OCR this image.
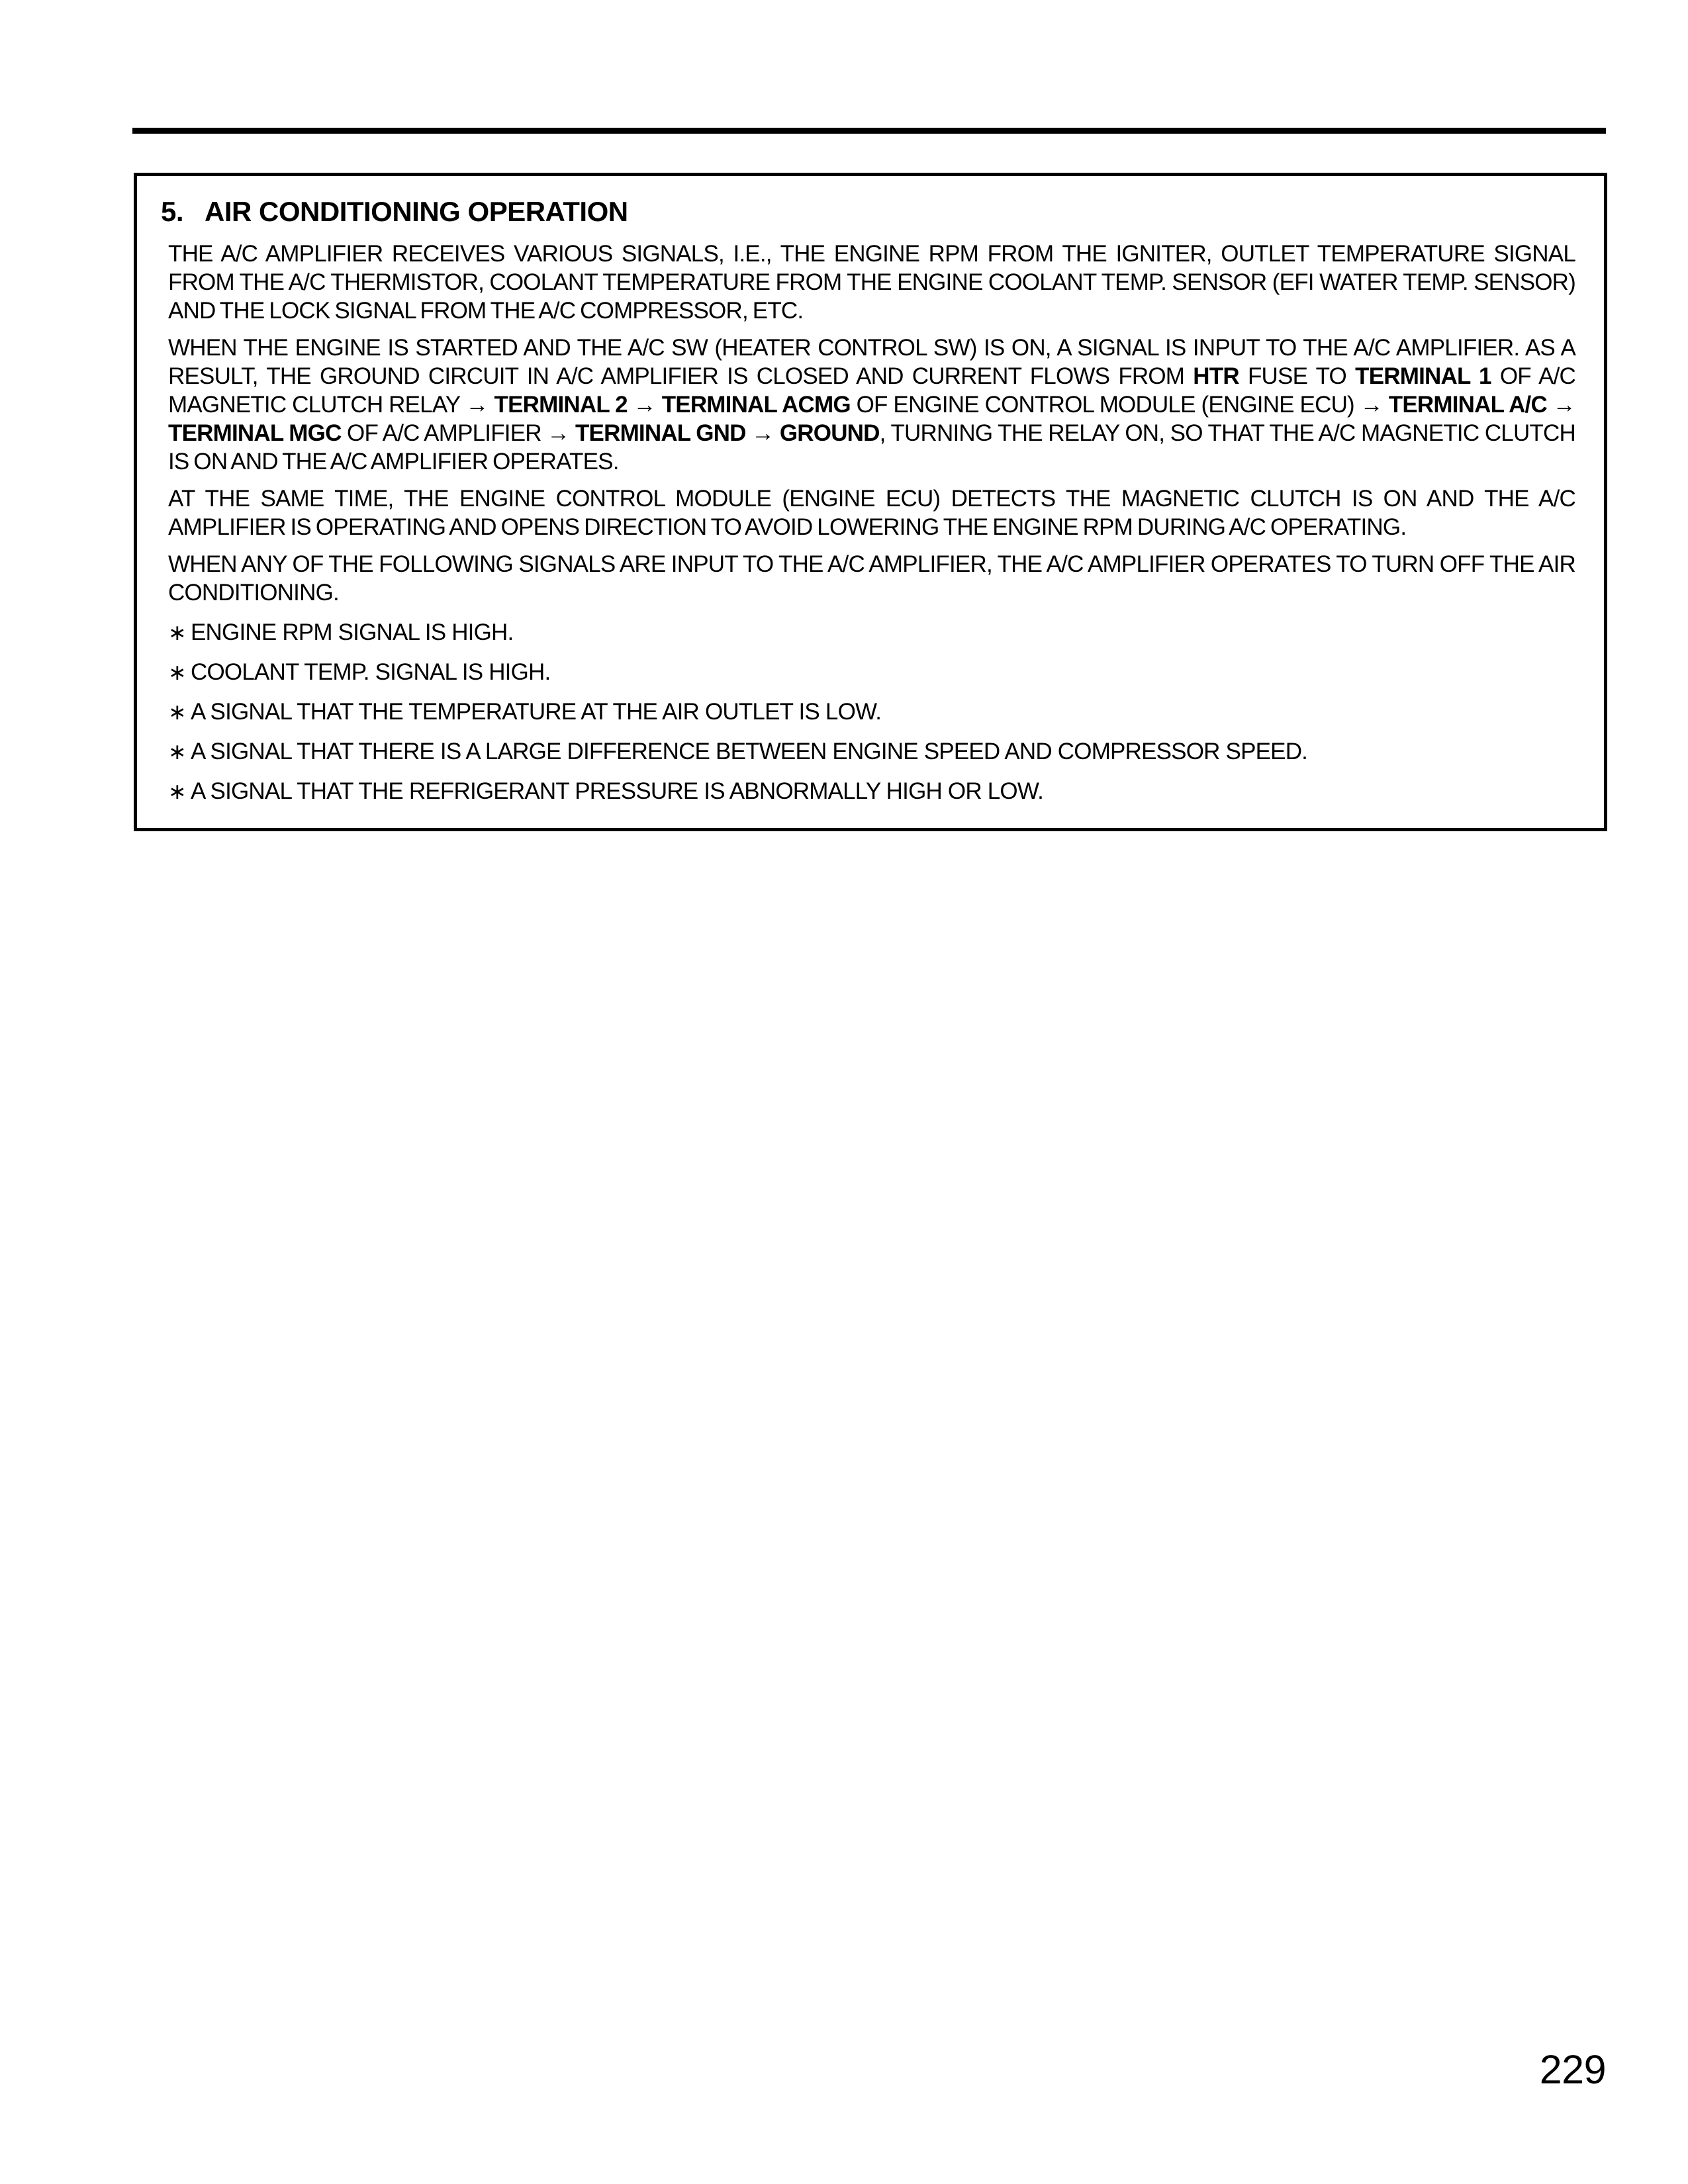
5. AIR CONDITIONING OPERATION
THE A/C AMPLIFIER RECEIVES VARIOUS SIGNALS, I.E., THE ENGINE RPM FROM THE IGNITER, OUTLET TEMPERATURE SIGNAL FROM THE A/C THERMISTOR, COOLANT TEMPERATURE FROM THE ENGINE COOLANT TEMP. SENSOR (EFI WATER TEMP. SENSOR) AND THE LOCK SIGNAL FROM THE A/C COMPRESSOR, ETC.
WHEN THE ENGINE IS STARTED AND THE A/C SW (HEATER CONTROL SW) IS ON, A SIGNAL IS INPUT TO THE A/C AMPLIFIER. AS A RESULT, THE GROUND CIRCUIT IN A/C AMPLIFIER IS CLOSED AND CURRENT FLOWS FROM HTR FUSE TO TERMINAL 1 OF A/C MAGNETIC CLUTCH RELAY → TERMINAL 2 → TERMINAL ACMG OF ENGINE CONTROL MODULE (ENGINE ECU) → TERMINAL A/C → TERMINAL MGC OF A/C AMPLIFIER → TERMINAL GND → GROUND, TURNING THE RELAY ON, SO THAT THE A/C MAGNETIC CLUTCH IS ON AND THE A/C AMPLIFIER OPERATES.
AT THE SAME TIME, THE ENGINE CONTROL MODULE (ENGINE ECU) DETECTS THE MAGNETIC CLUTCH IS ON AND THE A/C AMPLIFIER IS OPERATING AND OPENS DIRECTION TO AVOID LOWERING THE ENGINE RPM DURING A/C OPERATING.
WHEN ANY OF THE FOLLOWING SIGNALS ARE INPUT TO THE A/C AMPLIFIER, THE A/C AMPLIFIER OPERATES TO TURN OFF THE AIR CONDITIONING.
∗ ENGINE RPM SIGNAL IS HIGH.
∗ COOLANT TEMP. SIGNAL IS HIGH.
∗ A SIGNAL THAT THE TEMPERATURE AT THE AIR OUTLET IS LOW.
∗ A SIGNAL THAT THERE IS A LARGE DIFFERENCE BETWEEN ENGINE SPEED AND COMPRESSOR SPEED.
∗ A SIGNAL THAT THE REFRIGERANT PRESSURE IS ABNORMALLY HIGH OR LOW.
229
